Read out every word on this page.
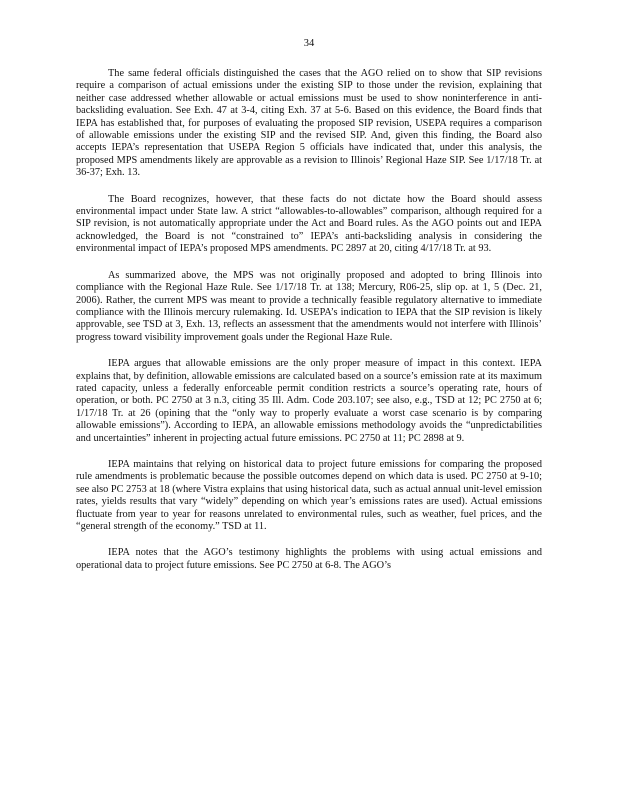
34

The same federal officials distinguished the cases that the AGO relied on to show that SIP revisions require a comparison of actual emissions under the existing SIP to those under the revision, explaining that neither case addressed whether allowable or actual emissions must be used to show noninterference in anti-backsliding evaluation. See Exh. 47 at 3-4, citing Exh. 37 at 5-6. Based on this evidence, the Board finds that IEPA has established that, for purposes of evaluating the proposed SIP revision, USEPA requires a comparison of allowable emissions under the existing SIP and the revised SIP. And, given this finding, the Board also accepts IEPA’s representation that USEPA Region 5 officials have indicated that, under this analysis, the proposed MPS amendments likely are approvable as a revision to Illinois’ Regional Haze SIP. See 1/17/18 Tr. at 36-37; Exh. 13.

The Board recognizes, however, that these facts do not dictate how the Board should assess environmental impact under State law. A strict “allowables-to-allowables” comparison, although required for a SIP revision, is not automatically appropriate under the Act and Board rules. As the AGO points out and IEPA acknowledged, the Board is not “constrained to” IEPA’s anti-backsliding analysis in considering the environmental impact of IEPA’s proposed MPS amendments. PC 2897 at 20, citing 4/17/18 Tr. at 93.

As summarized above, the MPS was not originally proposed and adopted to bring Illinois into compliance with the Regional Haze Rule. See 1/17/18 Tr. at 138; Mercury, R06-25, slip op. at 1, 5 (Dec. 21, 2006). Rather, the current MPS was meant to provide a technically feasible regulatory alternative to immediate compliance with the Illinois mercury rulemaking. Id. USEPA’s indication to IEPA that the SIP revision is likely approvable, see TSD at 3, Exh. 13, reflects an assessment that the amendments would not interfere with Illinois’ progress toward visibility improvement goals under the Regional Haze Rule.

IEPA argues that allowable emissions are the only proper measure of impact in this context. IEPA explains that, by definition, allowable emissions are calculated based on a source’s emission rate at its maximum rated capacity, unless a federally enforceable permit condition restricts a source’s operating rate, hours of operation, or both. PC 2750 at 3 n.3, citing 35 Ill. Adm. Code 203.107; see also, e.g., TSD at 12; PC 2750 at 6; 1/17/18 Tr. at 26 (opining that the “only way to properly evaluate a worst case scenario is by comparing allowable emissions”). According to IEPA, an allowable emissions methodology avoids the “unpredictabilities and uncertainties” inherent in projecting actual future emissions. PC 2750 at 11; PC 2898 at 9.

IEPA maintains that relying on historical data to project future emissions for comparing the proposed rule amendments is problematic because the possible outcomes depend on which data is used. PC 2750 at 9-10; see also PC 2753 at 18 (where Vistra explains that using historical data, such as actual annual unit-level emission rates, yields results that vary “widely” depending on which year’s emissions rates are used). Actual emissions fluctuate from year to year for reasons unrelated to environmental rules, such as weather, fuel prices, and the “general strength of the economy.” TSD at 11.

IEPA notes that the AGO’s testimony highlights the problems with using actual emissions and operational data to project future emissions. See PC 2750 at 6-8. The AGO’s
